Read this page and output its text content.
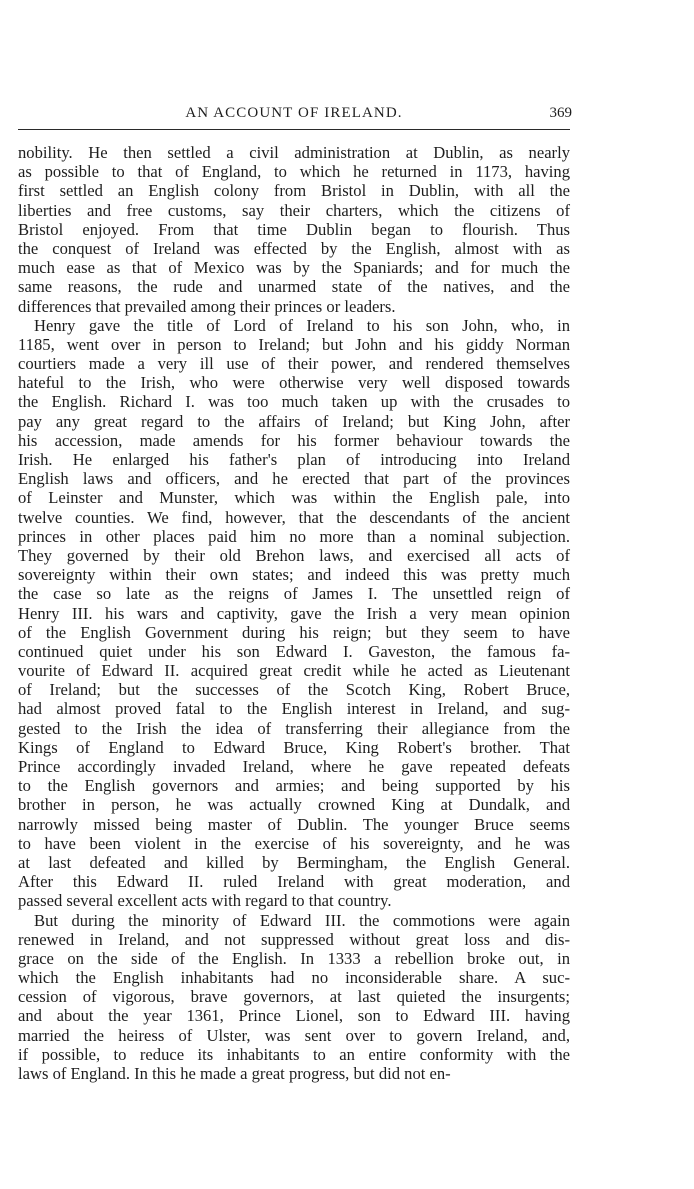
AN ACCOUNT OF IRELAND.	369
nobility. He then settled a civil administration at Dublin, as nearly
as possible to that of England, to which he returned in 1173, having
first settled an English colony from Bristol in Dublin, with all the
liberties and free customs, say their charters, which the citizens of
Bristol enjoyed. From that time Dublin began to flourish. Thus
the conquest of Ireland was effected by the English, almost with as
much ease as that of Mexico was by the Spaniards; and for much the
same reasons, the rude and unarmed state of the natives, and the
differences that prevailed among their princes or leaders.
Henry gave the title of Lord of Ireland to his son John, who, in
1185, went over in person to Ireland; but John and his giddy Norman
courtiers made a very ill use of their power, and rendered themselves
hateful to the Irish, who were otherwise very well disposed towards
the English. Richard I. was too much taken up with the crusades to
pay any great regard to the affairs of Ireland; but King John, after
his accession, made amends for his former behaviour towards the
Irish. He enlarged his father's plan of introducing into Ireland
English laws and officers, and he erected that part of the provinces
of Leinster and Munster, which was within the English pale, into
twelve counties. We find, however, that the descendants of the ancient
princes in other places paid him no more than a nominal subjection.
They governed by their old Brehon laws, and exercised all acts of
sovereignty within their own states; and indeed this was pretty much
the case so late as the reigns of James I. The unsettled reign of
Henry III. his wars and captivity, gave the Irish a very mean opinion
of the English Government during his reign; but they seem to have
continued quiet under his son Edward I. Gaveston, the famous fa-
vourite of Edward II. acquired great credit while he acted as Lieutenant
of Ireland; but the successes of the Scotch King, Robert Bruce,
had almost proved fatal to the English interest in Ireland, and sug-
gested to the Irish the idea of transferring their allegiance from the
Kings of England to Edward Bruce, King Robert's brother. That
Prince accordingly invaded Ireland, where he gave repeated defeats
to the English governors and armies; and being supported by his
brother in person, he was actually crowned King at Dundalk, and
narrowly missed being master of Dublin. The younger Bruce seems
to have been violent in the exercise of his sovereignty, and he was
at last defeated and killed by Bermingham, the English General.
After this Edward II. ruled Ireland with great moderation, and
passed several excellent acts with regard to that country.
But during the minority of Edward III. the commotions were again
renewed in Ireland, and not suppressed without great loss and dis-
grace on the side of the English. In 1333 a rebellion broke out, in
which the English inhabitants had no inconsiderable share. A suc-
cession of vigorous, brave governors, at last quieted the insurgents;
and about the year 1361, Prince Lionel, son to Edward III. having
married the heiress of Ulster, was sent over to govern Ireland, and,
if possible, to reduce its inhabitants to an entire conformity with the
laws of England. In this he made a great progress, but did not en-
